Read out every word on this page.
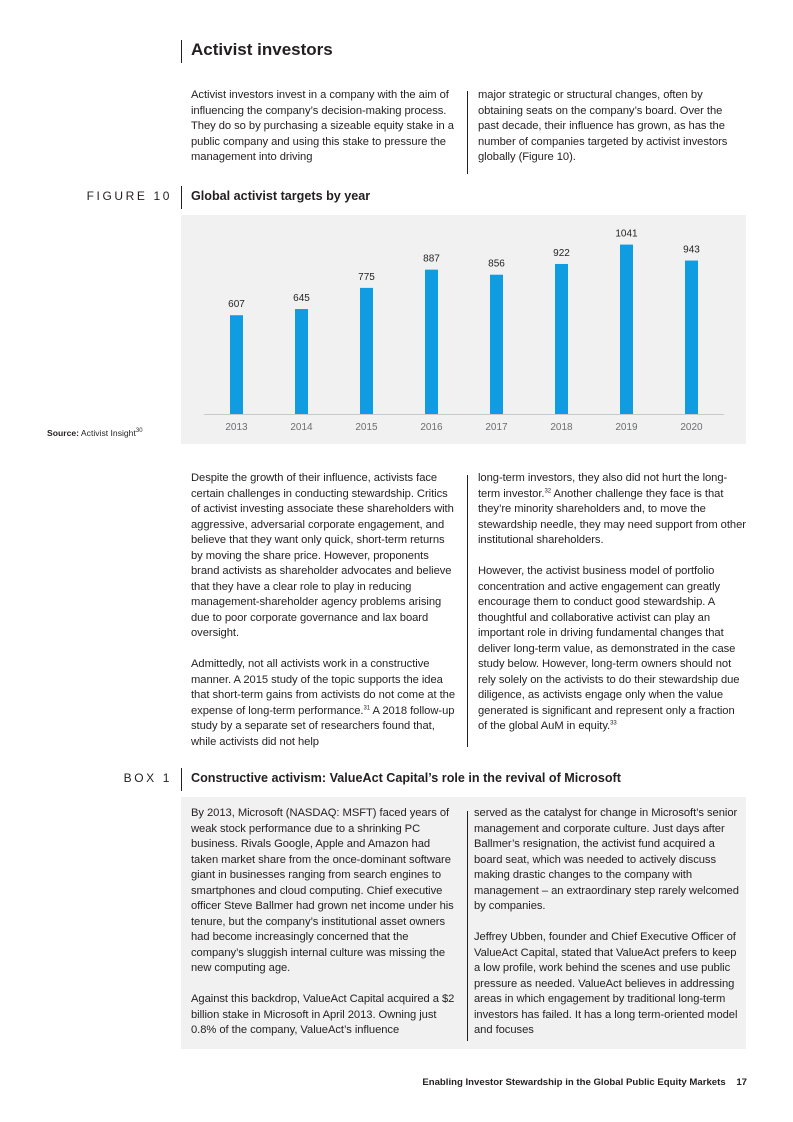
Activist investors

Activist investors invest in a company with the aim of influencing the company’s decision-making process. They do so by purchasing a sizeable equity stake in a public company and using this stake to pressure the management into driving

major strategic or structural changes, often by obtaining seats on the company’s board. Over the past decade, their influence has grown, as has the number of companies targeted by activist investors globally (Figure 10).

FIGURE 10 Global activist targets by year
607
2013
645
2014
775
2015
887
2016
856
2017
922
2018
1041
2019
943
2020
Source: Activist Insight$^{30}$

Despite the growth of their influence, activists face certain challenges in conducting stewardship. Critics of activist investing associate these shareholders with aggressive, adversarial corporate engagement, and believe that they want only quick, short-term returns by moving the share price. However, proponents brand activists as shareholder advocates and believe that they have a clear role to play in reducing management-shareholder agency problems arising due to poor corporate governance and lax board oversight.

Admittedly, not all activists work in a constructive manner. A 2015 study of the topic supports the idea that short-term gains from activists do not come at the expense of long-term performance.$^{31}$ A 2018 follow-up study by a separate set of researchers found that, while activists did not help

long-term investors, they also did not hurt the long-term investor.$^{32}$ Another challenge they face is that they’re minority shareholders and, to move the stewardship needle, they may need support from other institutional shareholders.

However, the activist business model of portfolio concentration and active engagement can greatly encourage them to conduct good stewardship. A thoughtful and collaborative activist can play an important role in driving fundamental changes that deliver long-term value, as demonstrated in the case study below. However, long-term owners should not rely solely on the activists to do their stewardship due diligence, as activists engage only when the value generated is significant and represent only a fraction of the global AuM in equity.$^{33}$

BOX 1 Constructive activism: ValueAct Capital’s role in the revival of Microsoft

By 2013, Microsoft (NASDAQ: MSFT) faced years of weak stock performance due to a shrinking PC business. Rivals Google, Apple and Amazon had taken market share from the once-dominant software giant in businesses ranging from search engines to smartphones and cloud computing. Chief executive officer Steve Ballmer had grown net income under his tenure, but the company’s institutional asset owners had become increasingly concerned that the company’s sluggish internal culture was missing the new computing age.

Against this backdrop, ValueAct Capital acquired a $2 billion stake in Microsoft in April 2013. Owning just 0.8% of the company, ValueAct’s influence

served as the catalyst for change in Microsoft’s senior management and corporate culture. Just days after Ballmer’s resignation, the activist fund acquired a board seat, which was needed to actively discuss making drastic changes to the company with management – an extraordinary step rarely welcomed by companies.

Jeffrey Ubben, founder and Chief Executive Officer of ValueAct Capital, stated that ValueAct prefers to keep a low profile, work behind the scenes and use public pressure as needed. ValueAct believes in addressing areas in which engagement by traditional long-term investors has failed. It has a long term-oriented model and focuses

Enabling Investor Stewardship in the Global Public Equity Markets 17
